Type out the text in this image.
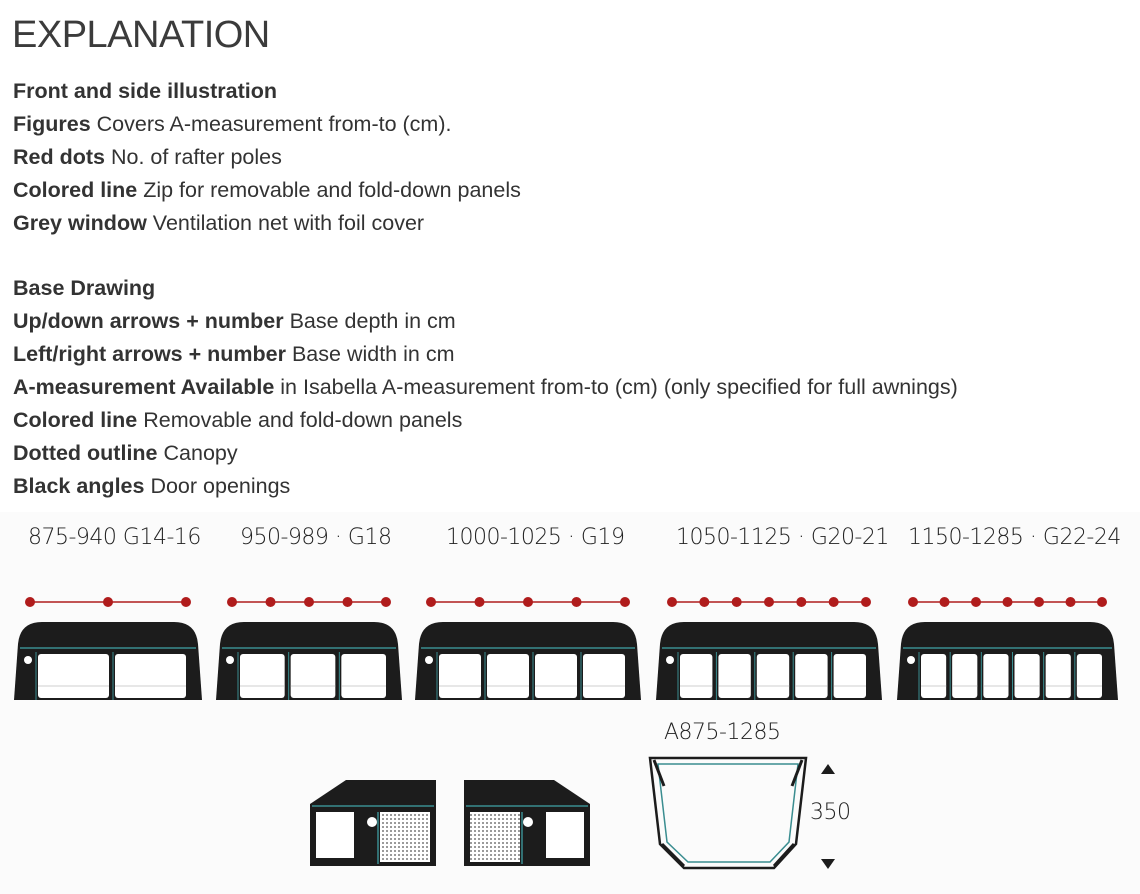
EXPLANATION
Front and side illustration
Figures Covers A-measurement from-to (cm).
Red dots No. of rafter poles
Colored line Zip for removable and fold-down panels
Grey window Ventilation net with foil cover
Base Drawing
Up/down arrows + number Base depth in cm
Left/right arrows + number Base width in cm
A-measurement Available in Isabella A-measurement from-to (cm) (only specified for full awnings)
Colored line Removable and fold-down panels
Dotted outline Canopy
Black angles Door openings
875-940 G14-16 950-989 · G18 1000-1025 · G19 1050-1125 · G20-21 1150-1285 · G22-24
A875-1285
350
